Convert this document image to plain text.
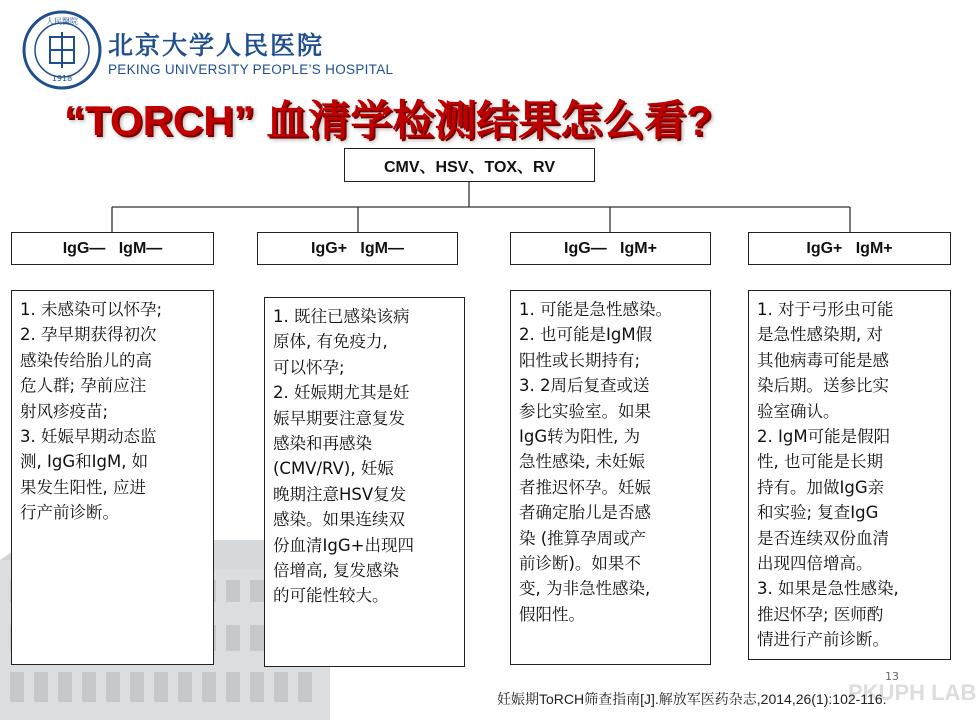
人民醫院
1918
北京大学人民医院
PEKING UNIVERSITY PEOPLE’S HOSPITAL
“TORCH” 血清学检测结果怎么看?
CMV、HSV、TOX、RV
IgG—   IgM—	IgG+   IgM—	IgG—   IgM+	IgG+   IgM+
1. 未感染可以怀孕;
2. 孕早期获得初次
感染传给胎儿的高
危人群; 孕前应注
射风疹疫苗;
3. 妊娠早期动态监
测, IgG和IgM, 如
果发生阳性, 应进
行产前诊断。
1. 既往已感染该病
原体, 有免疫力,
可以怀孕;
2. 妊娠期尤其是妊
娠早期要注意复发
感染和再感染
(CMV/RV), 妊娠
晚期注意HSV复发
感染。如果连续双
份血清IgG+出现四
倍增高, 复发感染
的可能性较大。
1. 可能是急性感染。
2. 也可能是IgM假
阳性或长期持有;
3. 2周后复查或送
参比实验室。如果
IgG转为阳性, 为
急性感染, 未妊娠
者推迟怀孕。妊娠
者确定胎儿是否感
染 (推算孕周或产
前诊断)。如果不
变, 为非急性感染,
假阳性。
1. 对于弓形虫可能
是急性感染期, 对
其他病毒可能是感
染后期。送参比实
验室确认。
2. IgM可能是假阳
性, 也可能是长期
持有。加做IgG亲
和实验; 复查IgG
是否连续双份血清
出现四倍增高。
3. 如果是急性感染,
推迟怀孕; 医师酌
情进行产前诊断。
PKUPH LAB
13
妊娠期ToRCH筛查指南[J].解放军医药杂志,2014,26(1):102-116.
